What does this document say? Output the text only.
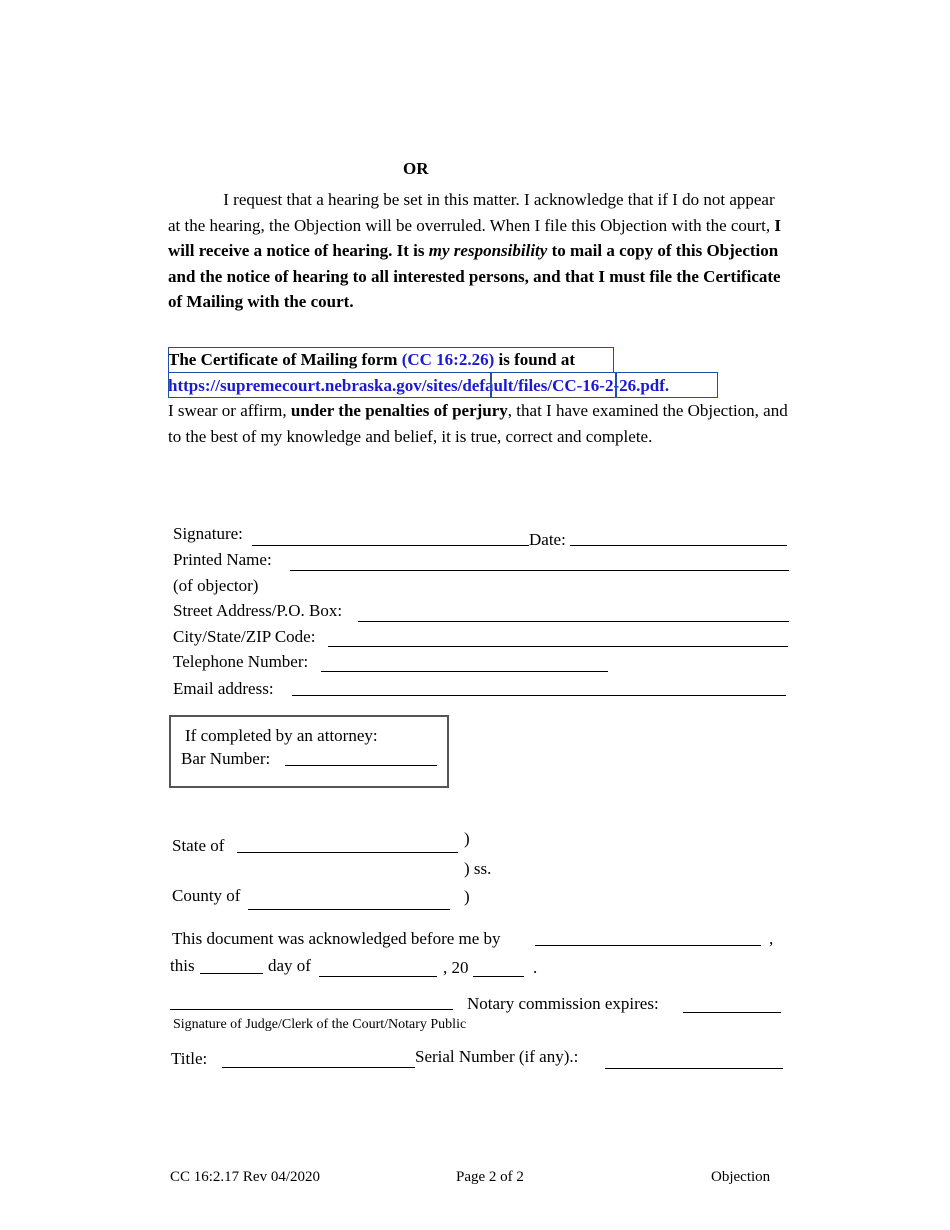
OR
I request that a hearing be set in this matter. I acknowledge that if I do not appear at the hearing, the Objection will be overruled. When I file this Objection with the court, I will receive a notice of hearing. It is my responsibility to mail a copy of this Objection and the notice of hearing to all interested persons, and that I must file the Certificate of Mailing with the court.
The Certificate of Mailing form (CC 16:2.26) is found at
https://supremecourt.nebraska.gov/sites/default/files/CC-16-2-26.pdf.
I swear or affirm, under the penalties of perjury, that I have examined the Objection, and to the best of my knowledge and belief, it is true, correct and complete.
Signature:	Date:
Printed Name:
(of objector)
Street Address/P.O. Box:
City/State/ZIP Code:
Telephone Number:
Email address:
If completed by an attorney:
Bar Number:
)
State of
) ss.
County of	)
This document was acknowledged before me by	,
this	day of	, 20	.
Notary commission expires:
Signature of Judge/Clerk of the Court/Notary Public
Title:	Serial Number (if any).:
CC 16:2.17 Rev 04/2020	Page 2 of 2	Objection
